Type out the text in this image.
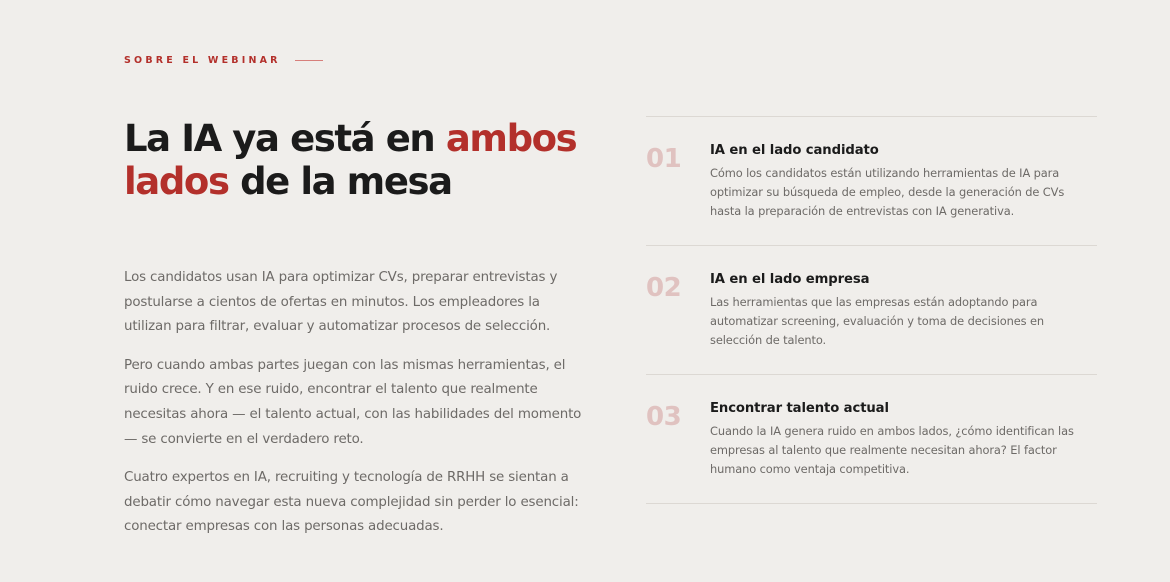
SOBRE EL WEBINAR
La IA ya está en ambos lados de la mesa

Los candidatos usan IA para optimizar CVs, preparar entrevistas y postularse a cientos de ofertas en minutos. Los empleadores la utilizan para filtrar, evaluar y automatizar procesos de selección.

Pero cuando ambas partes juegan con las mismas herramientas, el ruido crece. Y en ese ruido, encontrar el talento que realmente necesitas ahora — el talento actual, con las habilidades del momento — se convierte en el verdadero reto.

Cuatro expertos en IA, recruiting y tecnología de RRHH se sientan a debatir cómo navegar esta nueva complejidad sin perder lo esencial: conectar empresas con las personas adecuadas.

01 IA en el lado candidato
Cómo los candidatos están utilizando herramientas de IA para optimizar su búsqueda de empleo, desde la generación de CVs hasta la preparación de entrevistas con IA generativa.
02 IA en el lado empresa
Las herramientas que las empresas están adoptando para automatizar screening, evaluación y toma de decisiones en selección de talento.
03 Encontrar talento actual
Cuando la IA genera ruido en ambos lados, ¿cómo identifican las empresas al talento que realmente necesitan ahora? El factor humano como ventaja competitiva.
